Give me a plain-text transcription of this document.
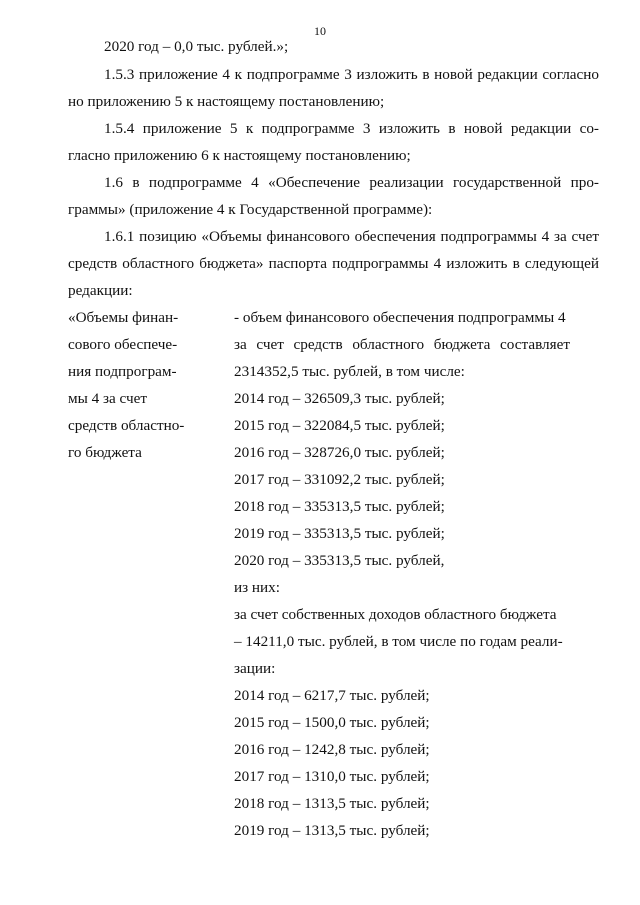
10
2020 год – 0,0 тыс. рублей.»;
1.5.3 приложение 4 к подпрограмме 3 изложить в новой редакции согласно
но приложению 5 к настоящему постановлению;
1.5.4 приложение 5 к подпрограмме 3 изложить в новой редакции со-
гласно приложению 6 к настоящему постановлению;
1.6 в подпрограмме 4 «Обеспечение реализации государственной про-
граммы» (приложение 4 к Государственной программе):
1.6.1 позицию «Объемы финансового обеспечения подпрограммы 4 за счет
средств областного бюджета» паспорта подпрограммы 4 изложить в следующей
редакции:
«Объемы финан-
сового обеспече-
ния подпрограм-
мы 4 за счет
средств областно-
го бюджета
- объем финансового обеспечения подпрограммы 4
за счет средств областного бюджета составляет
2314352,5 тыс. рублей, в том числе:
2014 год – 326509,3 тыс. рублей;
2015 год – 322084,5 тыс. рублей;
2016 год – 328726,0 тыс. рублей;
2017 год – 331092,2 тыс. рублей;
2018 год – 335313,5 тыс. рублей;
2019 год – 335313,5 тыс. рублей;
2020 год – 335313,5 тыс. рублей,
из них:
за счет собственных доходов областного бюджета
– 14211,0 тыс. рублей, в том числе по годам реали-
зации:
2014 год – 6217,7 тыс. рублей;
2015 год – 1500,0 тыс. рублей;
2016 год – 1242,8 тыс. рублей;
2017 год – 1310,0 тыс. рублей;
2018 год – 1313,5 тыс. рублей;
2019 год – 1313,5 тыс. рублей;
